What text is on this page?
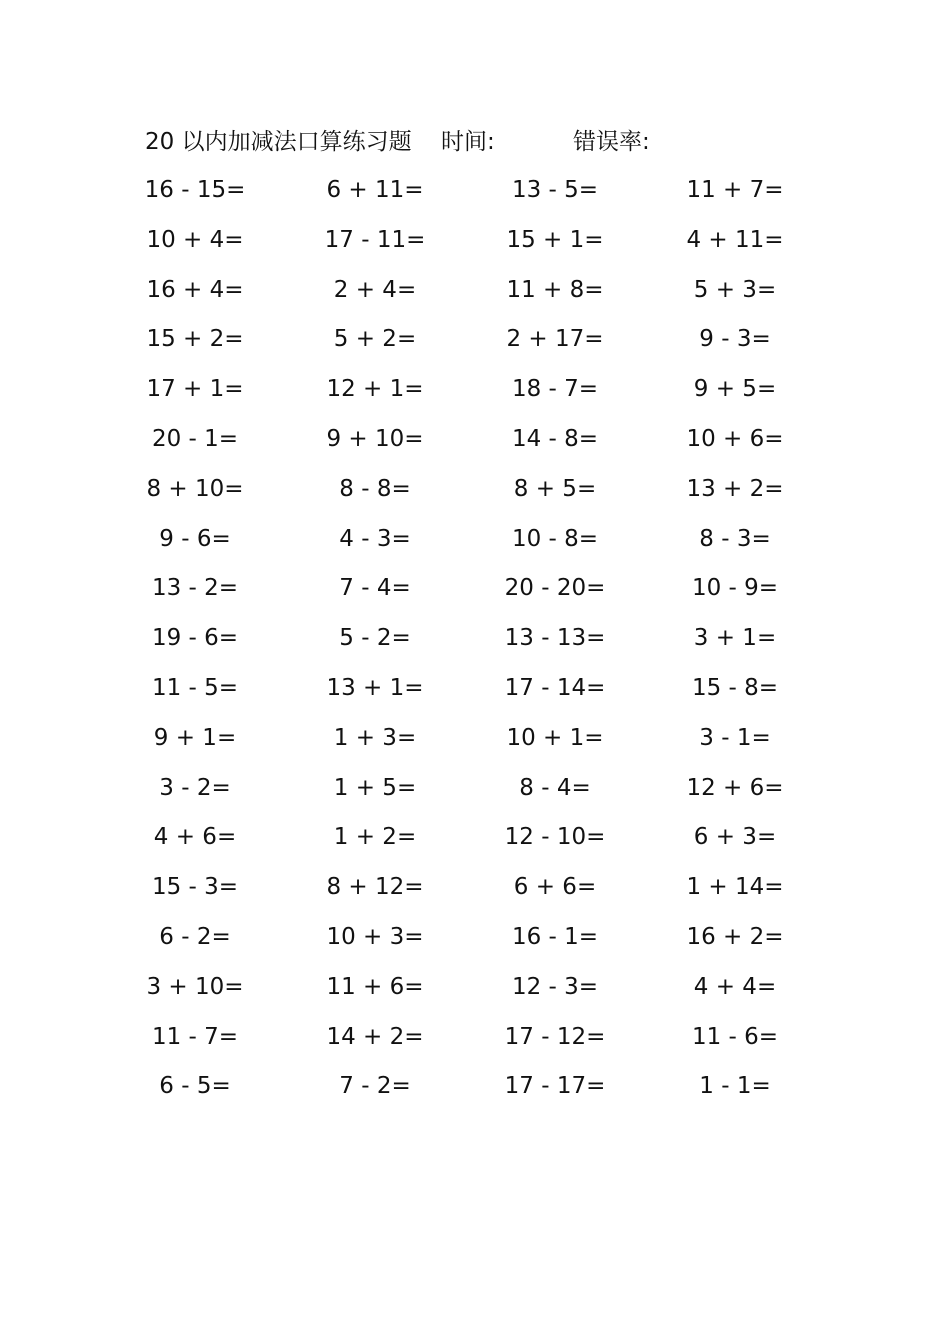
20 以内加减法口算练习题 时间:	错误率:
16 - 15=	6 + 11=	13 - 5=	11 + 7=
10 + 4=	17 - 11=	15 + 1=	4 + 11=
16 + 4=	2 + 4=	11 + 8=	5 + 3=
15 + 2=	5 + 2=	2 + 17=	9 - 3=
17 + 1=	12 + 1=	18 - 7=	9 + 5=
20 - 1=	9 + 10=	14 - 8=	10 + 6=
8 + 10=	8 - 8=	8 + 5=	13 + 2=
9 - 6=	4 - 3=	10 - 8=	8 - 3=
13 - 2=	7 - 4=	20 - 20=	10 - 9=
19 - 6=	5 - 2=	13 - 13=	3 + 1=
11 - 5=	13 + 1=	17 - 14=	15 - 8=
9 + 1=	1 + 3=	10 + 1=	3 - 1=
3 - 2=	1 + 5=	8 - 4=	12 + 6=
4 + 6=	1 + 2=	12 - 10=	6 + 3=
15 - 3=	8 + 12=	6 + 6=	1 + 14=
6 - 2=	10 + 3=	16 - 1=	16 + 2=
3 + 10=	11 + 6=	12 - 3=	4 + 4=
11 - 7=	14 + 2=	17 - 12=	11 - 6=
6 - 5=	7 - 2=	17 - 17=	1 - 1=
